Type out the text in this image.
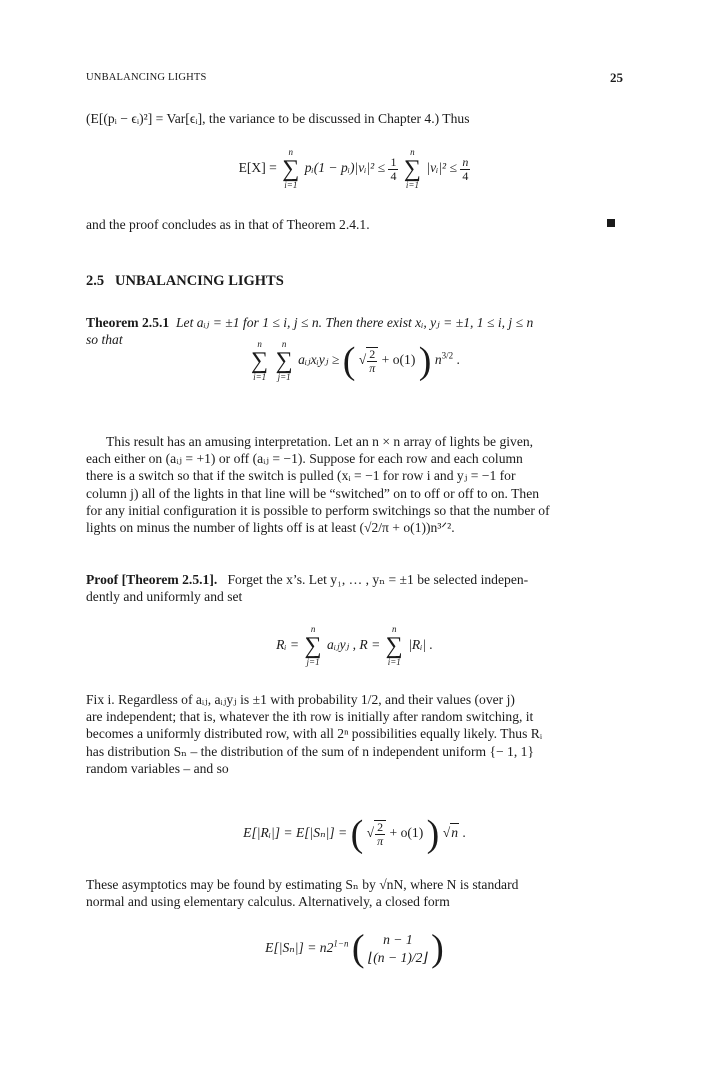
UNBALANCING LIGHTS	25
(E[(pᵢ − ϵᵢ)²] = Var[ϵᵢ], the variance to be discussed in Chapter 4.) Thus
E[X] =
n
∑
i=1
pᵢ(1 − pᵢ)|vᵢ|² ≤ $\frac{1}{4}$

n
∑
i=1
|vᵢ|² ≤ $\frac{n}{4}$
and the proof concludes as in that of Theorem 2.4.1.
2.5 UNBALANCING LIGHTS
Theorem 2.5.1 Let aᵢⱼ = ±1 for 1 ≤ i, j ≤ n. Then there exist xᵢ, yⱼ = ±1, 1 ≤ i, j ≤ n
so that	n
∑
i=1

n
∑
j=1
aᵢⱼxᵢyⱼ ≥ ( √ $\frac{2}{\pi} + o(1)$ ) $n^{3/2}$ .
This result has an amusing interpretation. Let an n × n array of lights be given,
each either on (aᵢⱼ = +1) or off (aᵢⱼ = −1). Suppose for each row and each column
there is a switch so that if the switch is pulled (xᵢ = −1 for row i and yⱼ = −1 for
column j) all of the lights in that line will be “switched” on to off or off to on. Then
for any initial configuration it is possible to perform switchings so that the number of
lights on minus the number of lights off is at least (√2/π + o(1))n³ᐟ².
Proof [Theorem 2.5.1]. Forget the x’s. Let y₁, … , yₙ = ±1 be selected indepen-
dently and uniformly and set
Rᵢ =
n
∑
j=1
aᵢⱼyⱼ , R =
n
∑
i=1
|Rᵢ| .
Fix i. Regardless of aᵢⱼ, aᵢⱼyⱼ is ±1 with probability 1/2, and their values (over j)
are independent; that is, whatever the ith row is initially after random switching, it
becomes a uniformly distributed row, with all 2ⁿ possibilities equally likely. Thus Rᵢ
has distribution Sₙ – the distribution of the sum of n independent uniform {− 1, 1}
random variables – and so
E[|Rᵢ|] = E[|Sₙ|] = ( √ $\frac{2}{\pi} + o(1)$ ) √n .
These asymptotics may be found by estimating Sₙ by √nN, where N is standard
normal and using elementary calculus. Alternatively, a closed form
$E[|S_n|] = n2^{1-n}$ (	n − 1
⌊(n − 1)/2⌋ )
